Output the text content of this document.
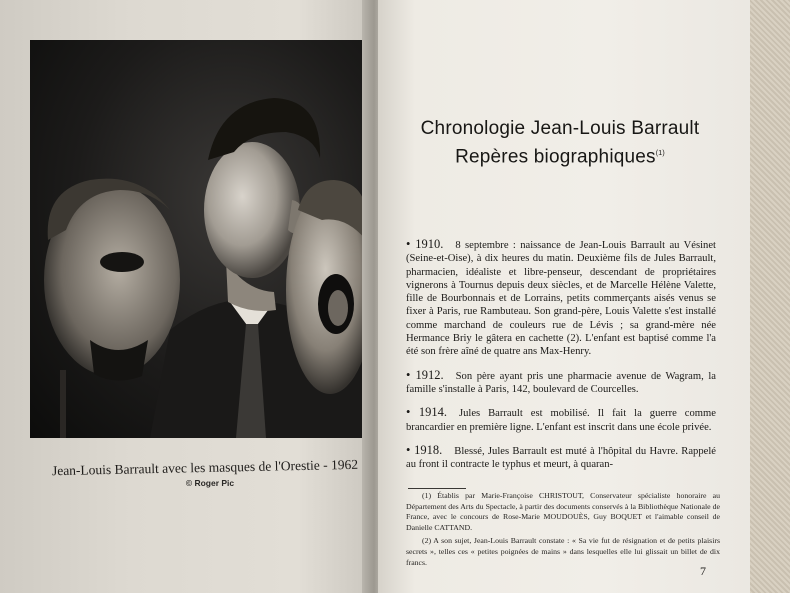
Jean-Louis Barrault avec les masques de l'Orestie - 1962
© Roger Pic
Chronologie Jean-Louis Barrault
Repères biographiques$^{(1)}$

• 1910. 8 septembre : naissance de Jean-Louis Barrault au Vésinet (Seine-et-Oise), à dix heures du matin. Deuxième fils de Jules Barrault, pharmacien, idéaliste et libre-penseur, descendant de propriétaires vignerons à Tournus depuis deux siècles, et de Marcelle Hélène Valette, fille de Bourbonnais et de Lorrains, petits commerçants aisés venus se fixer à Paris, rue Rambuteau. Son grand-père, Louis Valette s'est installé comme marchand de couleurs rue de Lévis ; sa grand-mère née Hermance Briy le gâtera en cachette (2). L'enfant est baptisé comme l'a été son frère aîné de quatre ans Max-Henry.

• 1912. Son père ayant pris une pharmacie avenue de Wagram, la famille s'installe à Paris, 142, boulevard de Courcelles.

• 1914. Jules Barrault est mobilisé. Il fait la guerre comme brancardier en première ligne. L'enfant est inscrit dans une école privée.

• 1918. Blessé, Jules Barrault est muté à l'hôpital du Havre. Rappelé au front il contracte le typhus et meurt, à quaran-

(1) Établis par Marie-Françoise CHRISTOUT, Conservateur spécialiste honoraire au Département des Arts du Spectacle, à partir des documents conservés à la Bibliothèque Nationale de France, avec le concours de Rose-Marie MOUDOUÈS, Guy BOQUET et l'aimable conseil de Danielle CATTAND.

(2) A son sujet, Jean-Louis Barrault constate : « Sa vie fut de résignation et de petits plaisirs secrets », telles ces « petites poignées de mains » dans lesquelles elle lui glissait un billet de dix francs.

7
